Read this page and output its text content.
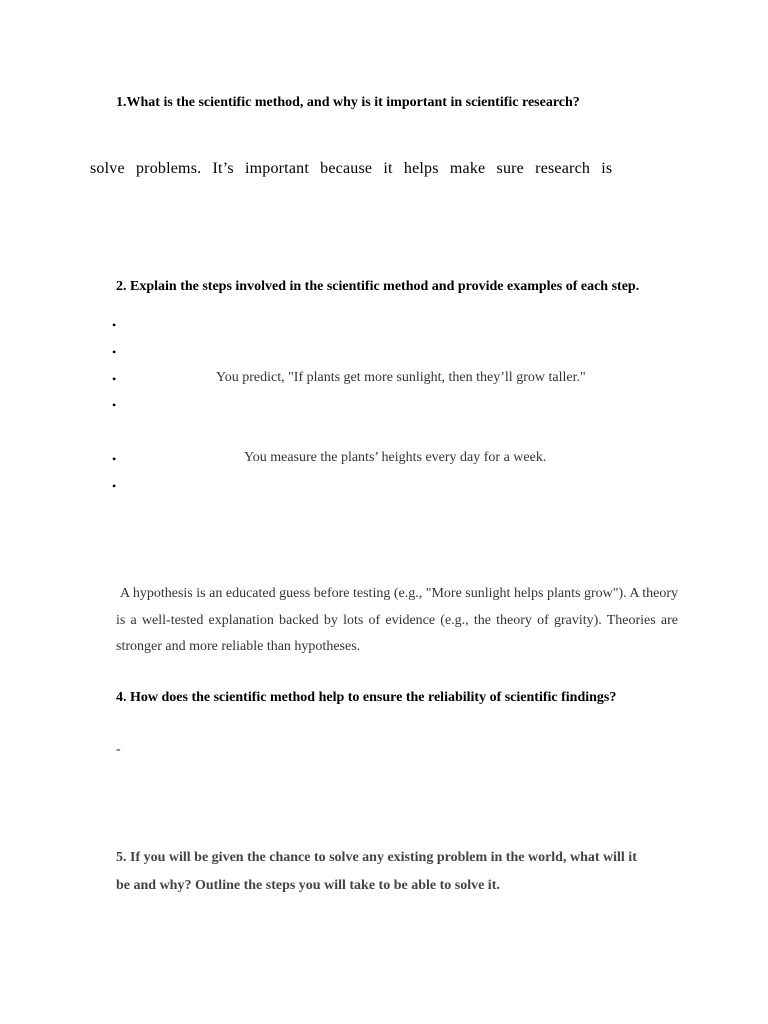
1.What is the scientific method, and why is it important in scientific research?
solve problems. It’s important because it helps make sure research is
2. Explain the steps involved in the scientific method and provide examples of each step.
•
•
•	You predict, "If plants get more sunlight, then they’ll grow taller."
•
•	You measure the plants’ heights every day for a week.
•
A hypothesis is an educated guess before testing (e.g., "More sunlight helps plants grow"). A theory is a well-tested explanation backed by lots of evidence (e.g., the theory of gravity). Theories are stronger and more reliable than hypotheses.
4. How does the scientific method help to ensure the reliability of scientific findings?
-
5. If you will be given the chance to solve any existing problem in the world, what will it
be and why? Outline the steps you will take to be able to solve it.
